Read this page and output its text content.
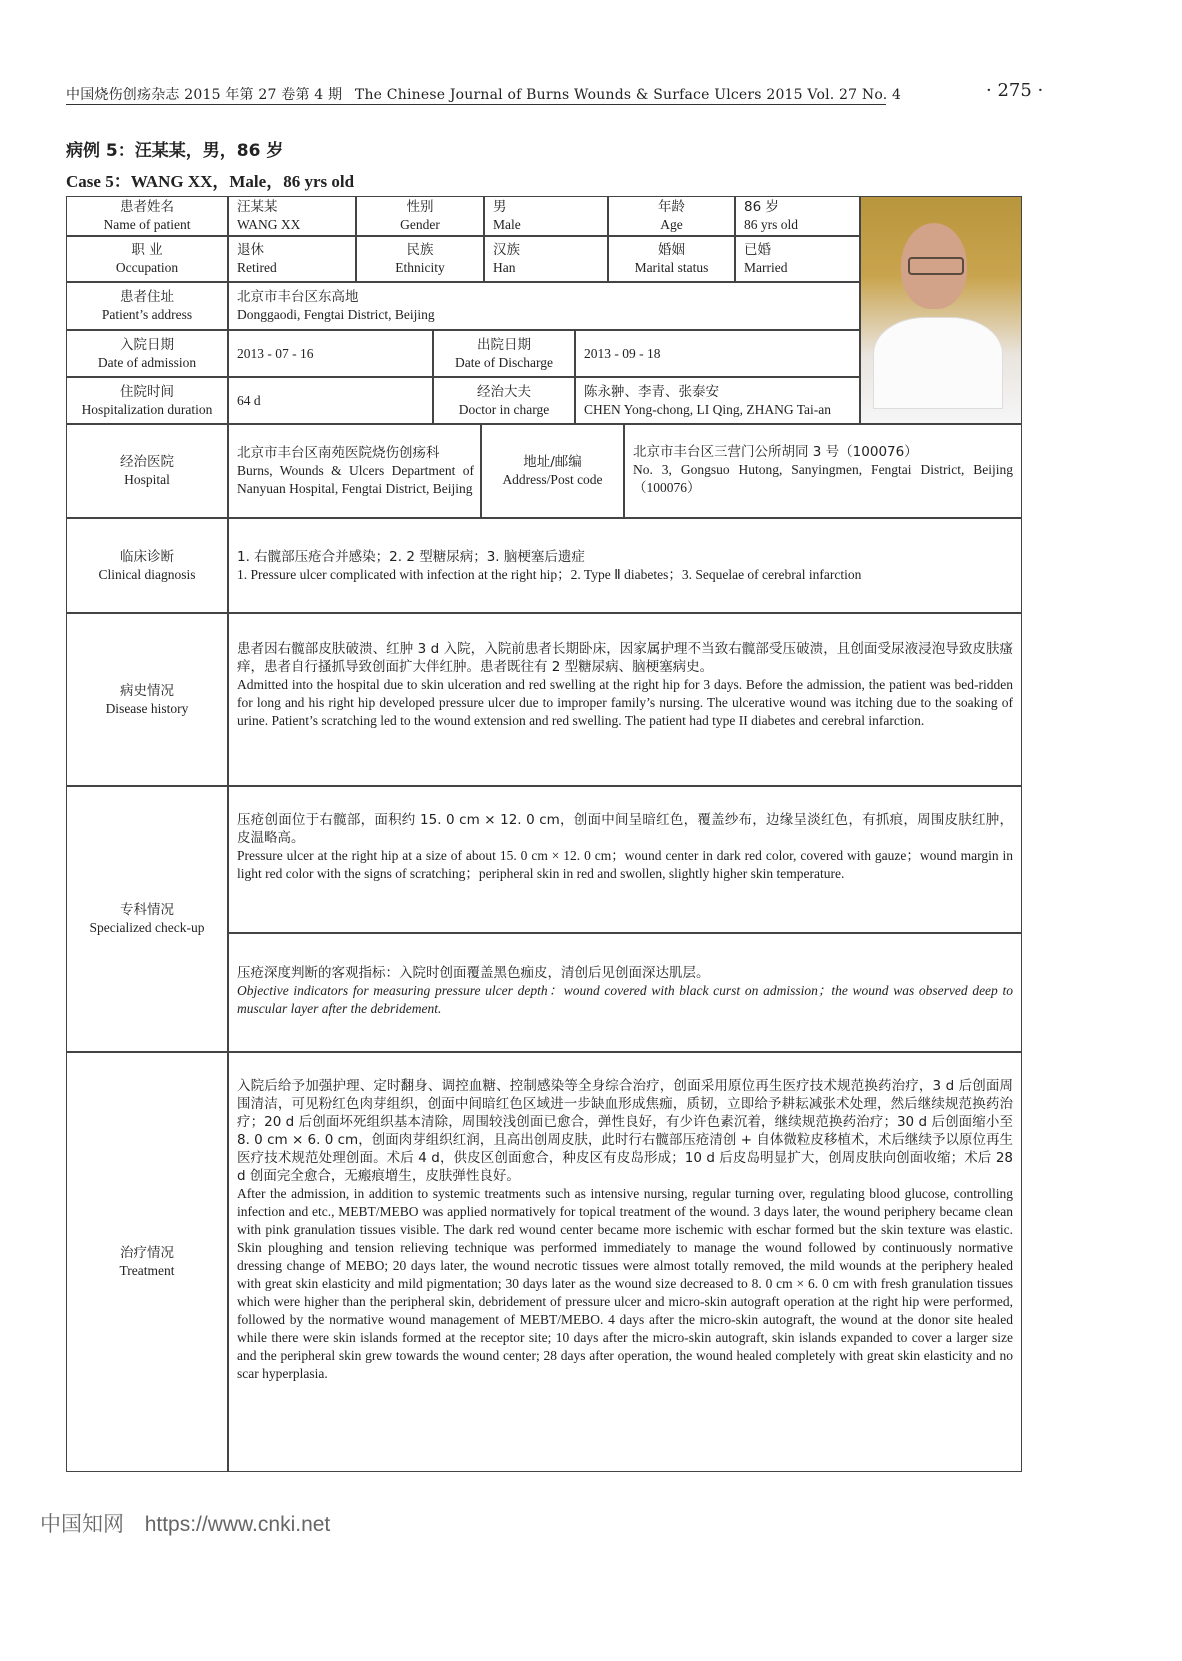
中国烧伤创疡杂志 2015 年第 27 卷第 4 期 The Chinese Journal of Burns Wounds & Surface Ulcers 2015 Vol. 27 No. 4	· 275 ·
病例 5：汪某某，男，86 岁
Case 5：WANG XX，Male，86 yrs old
患者姓名
Name of patient
汪某某
WANG XX
性别
Gender
男
Male
年龄
Age
86 岁
86 yrs old
职 业
Occupation
退休
Retired
民族
Ethnicity
汉族
Han
婚姻
Marital status
已婚
Married
患者住址
Patient’s address
北京市丰台区东高地
Donggaodi, Fengtai District, Beijing
入院日期
Date of admission
2013 - 07 - 16
出院日期
Date of Discharge
2013 - 09 - 18
住院时间
Hospitalization duration
64 d
经治大夫
Doctor in charge
陈永翀、李青、张泰安
CHEN Yong-chong, LI Qing, ZHANG Tai-an
经治医院
Hospital
北京市丰台区南苑医院烧伤创疡科
Burns, Wounds & Ulcers Department of Nanyuan Hospital, Fengtai District, Beijing
地址/邮编
Address/Post code
北京市丰台区三营门公所胡同 3 号（100076）
No. 3, Gongsuo Hutong, Sanyingmen, Fengtai District, Beijing（100076）
临床诊断
Clinical diagnosis
1. 右髋部压疮合并感染；2. 2 型糖尿病；3. 脑梗塞后遗症
1. Pressure ulcer complicated with infection at the right hip；2. Type Ⅱ diabetes；3. Sequelae of cerebral infarction
病史情况
Disease history
患者因右髋部皮肤破溃、红肿 3 d 入院，入院前患者长期卧床，因家属护理不当致右髋部受压破溃，且创面受尿液浸泡导致皮肤瘙痒，患者自行搔抓导致创面扩大伴红肿。患者既往有 2 型糖尿病、脑梗塞病史。
Admitted into the hospital due to skin ulceration and red swelling at the right hip for 3 days. Before the admission, the patient was bed-ridden for long and his right hip developed pressure ulcer due to improper family’s nursing. The ulcerative wound was itching due to the soaking of urine. Patient’s scratching led to the wound extension and red swelling. The patient had type II diabetes and cerebral infarction.
专科情况
Specialized check-up
压疮创面位于右髋部，面积约 15. 0 cm × 12. 0 cm，创面中间呈暗红色，覆盖纱布，边缘呈淡红色，有抓痕，周围皮肤红肿，皮温略高。
Pressure ulcer at the right hip at a size of about 15. 0 cm × 12. 0 cm；wound center in dark red color, covered with gauze；wound margin in light red color with the signs of scratching；peripheral skin in red and swollen, slightly higher skin temperature.
压疮深度判断的客观指标：入院时创面覆盖黑色痂皮，清创后见创面深达肌层。
Objective indicators for measuring pressure ulcer depth：wound covered with black curst on admission；the wound was observed deep to muscular layer after the debridement.
治疗情况
Treatment
入院后给予加强护理、定时翻身、调控血糖、控制感染等全身综合治疗，创面采用原位再生医疗技术规范换药治疗，3 d 后创面周围清洁，可见粉红色肉芽组织，创面中间暗红色区域进一步缺血形成焦痂，质韧，立即给予耕耘减张术处理，然后继续规范换药治疗；20 d 后创面坏死组织基本清除，周围较浅创面已愈合，弹性良好，有少许色素沉着，继续规范换药治疗；30 d 后创面缩小至 8. 0 cm × 6. 0 cm，创面肉芽组织红润，且高出创周皮肤，此时行右髋部压疮清创 + 自体微粒皮移植术，术后继续予以原位再生医疗技术规范处理创面。术后 4 d，供皮区创面愈合，种皮区有皮岛形成；10 d 后皮岛明显扩大，创周皮肤向创面收缩；术后 28 d 创面完全愈合，无瘢痕增生，皮肤弹性良好。
After the admission, in addition to systemic treatments such as intensive nursing, regular turning over, regulating blood glucose, controlling infection and etc., MEBT/MEBO was applied normatively for topical treatment of the wound. 3 days later, the wound periphery became clean with pink granulation tissues visible. The dark red wound center became more ischemic with eschar formed but the skin texture was elastic. Skin ploughing and tension relieving technique was performed immediately to manage the wound followed by continuously normative dressing change of MEBO; 20 days later, the wound necrotic tissues were almost totally removed, the mild wounds at the periphery healed with great skin elasticity and mild pigmentation; 30 days later as the wound size decreased to 8. 0 cm × 6. 0 cm with fresh granulation tissues which were higher than the peripheral skin, debridement of pressure ulcer and micro-skin autograft operation at the right hip were performed, followed by the normative wound management of MEBT/MEBO. 4 days after the micro-skin autograft, the wound at the donor site healed while there were skin islands formed at the receptor site; 10 days after the micro-skin autograft, skin islands expanded to cover a larger size and the peripheral skin grew towards the wound center; 28 days after operation, the wound healed completely with great skin elasticity and no scar hyperplasia.
中国知网 https://www.cnki.net
